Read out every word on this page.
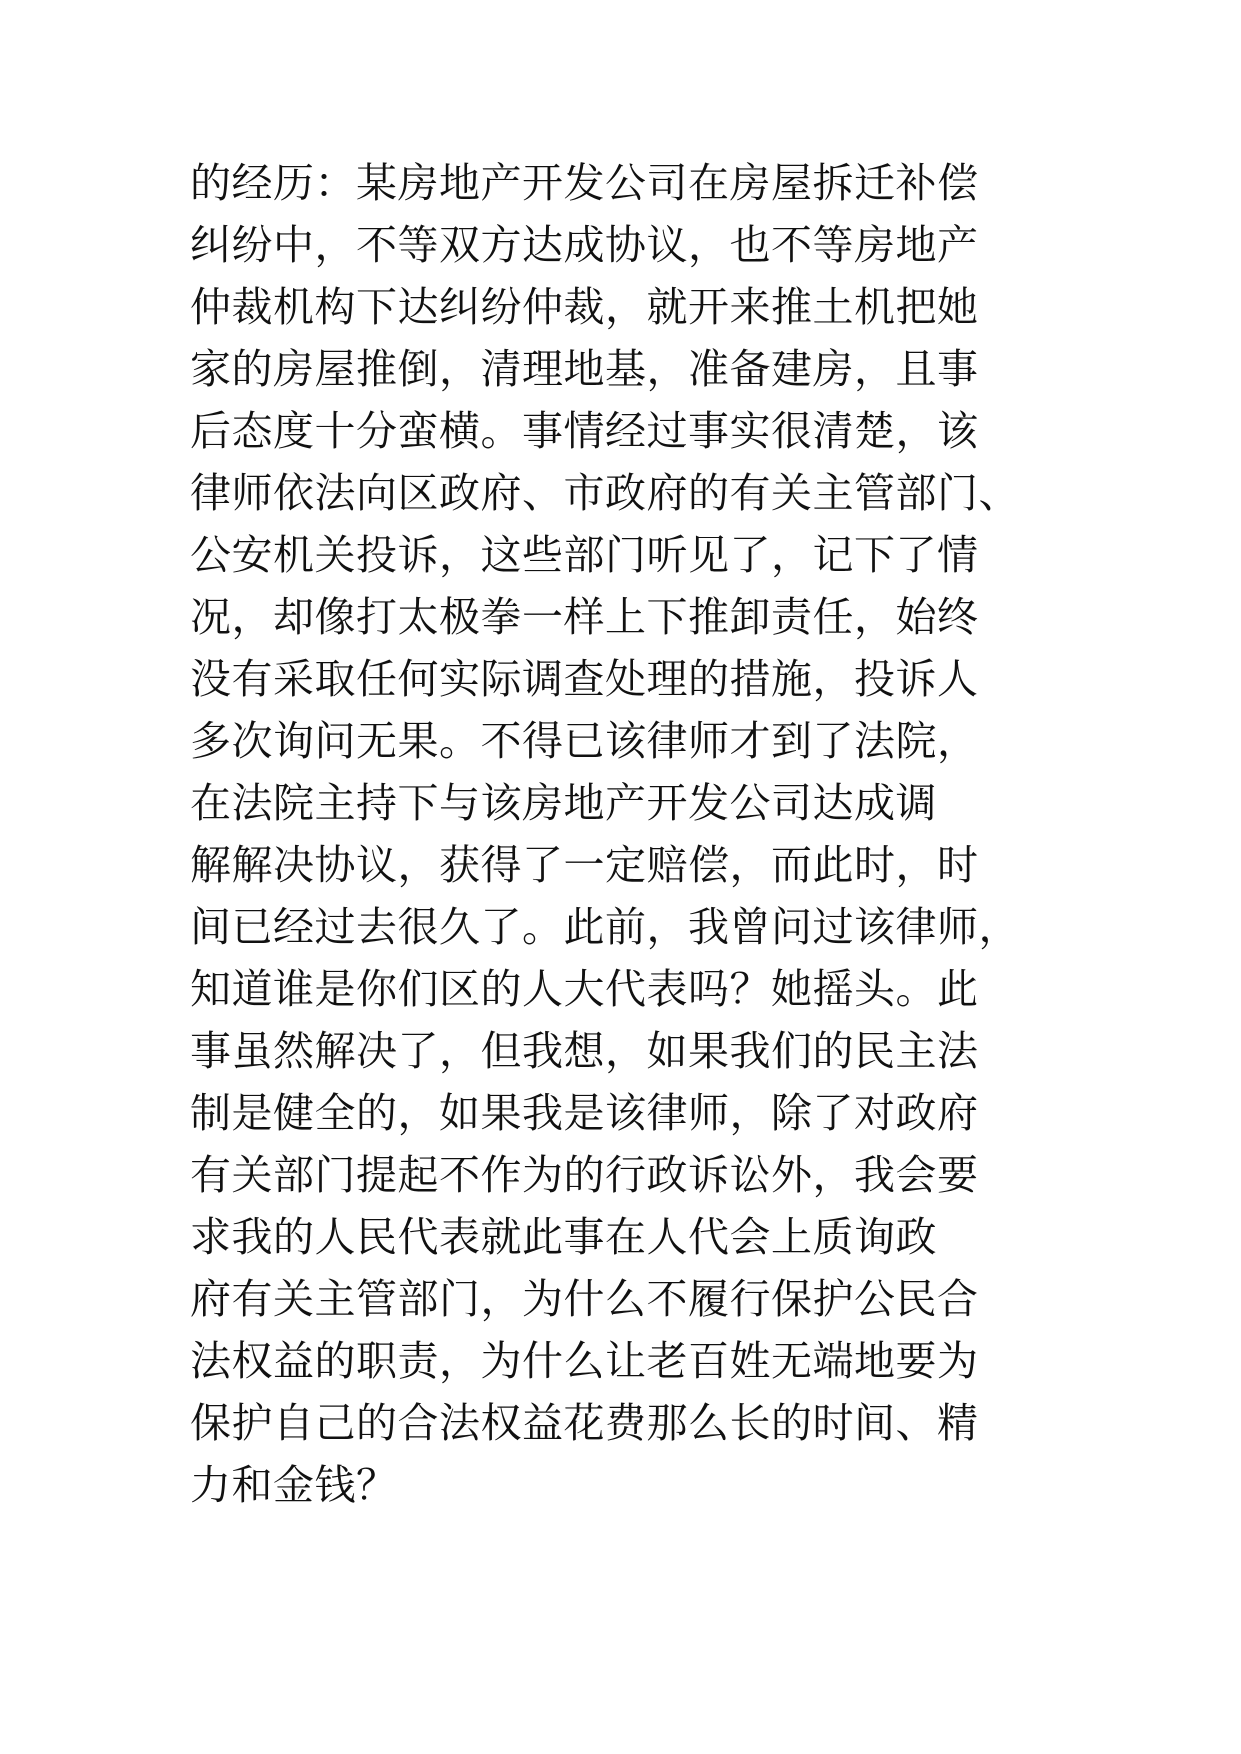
的经历：某房地产开发公司在房屋拆迁补偿
纠纷中，不等双方达成协议，也不等房地产
仲裁机构下达纠纷仲裁，就开来推土机把她
家的房屋推倒，清理地基，准备建房，且事
后态度十分蛮横。事情经过事实很清楚，该
律师依法向区政府、市政府的有关主管部门、
公安机关投诉，这些部门听见了，记下了情
况，却像打太极拳一样上下推卸责任，始终
没有采取任何实际调查处理的措施，投诉人
多次询问无果。不得已该律师才到了法院，
在法院主持下与该房地产开发公司达成调
解解决协议，获得了一定赔偿，而此时，时
间已经过去很久了。此前，我曾问过该律师，
知道谁是你们区的人大代表吗？她摇头。此
事虽然解决了，但我想，如果我们的民主法
制是健全的，如果我是该律师，除了对政府
有关部门提起不作为的行政诉讼外，我会要
求我的人民代表就此事在人代会上质询政
府有关主管部门，为什么不履行保护公民合
法权益的职责，为什么让老百姓无端地要为
保护自己的合法权益花费那么长的时间、精
力和金钱？
